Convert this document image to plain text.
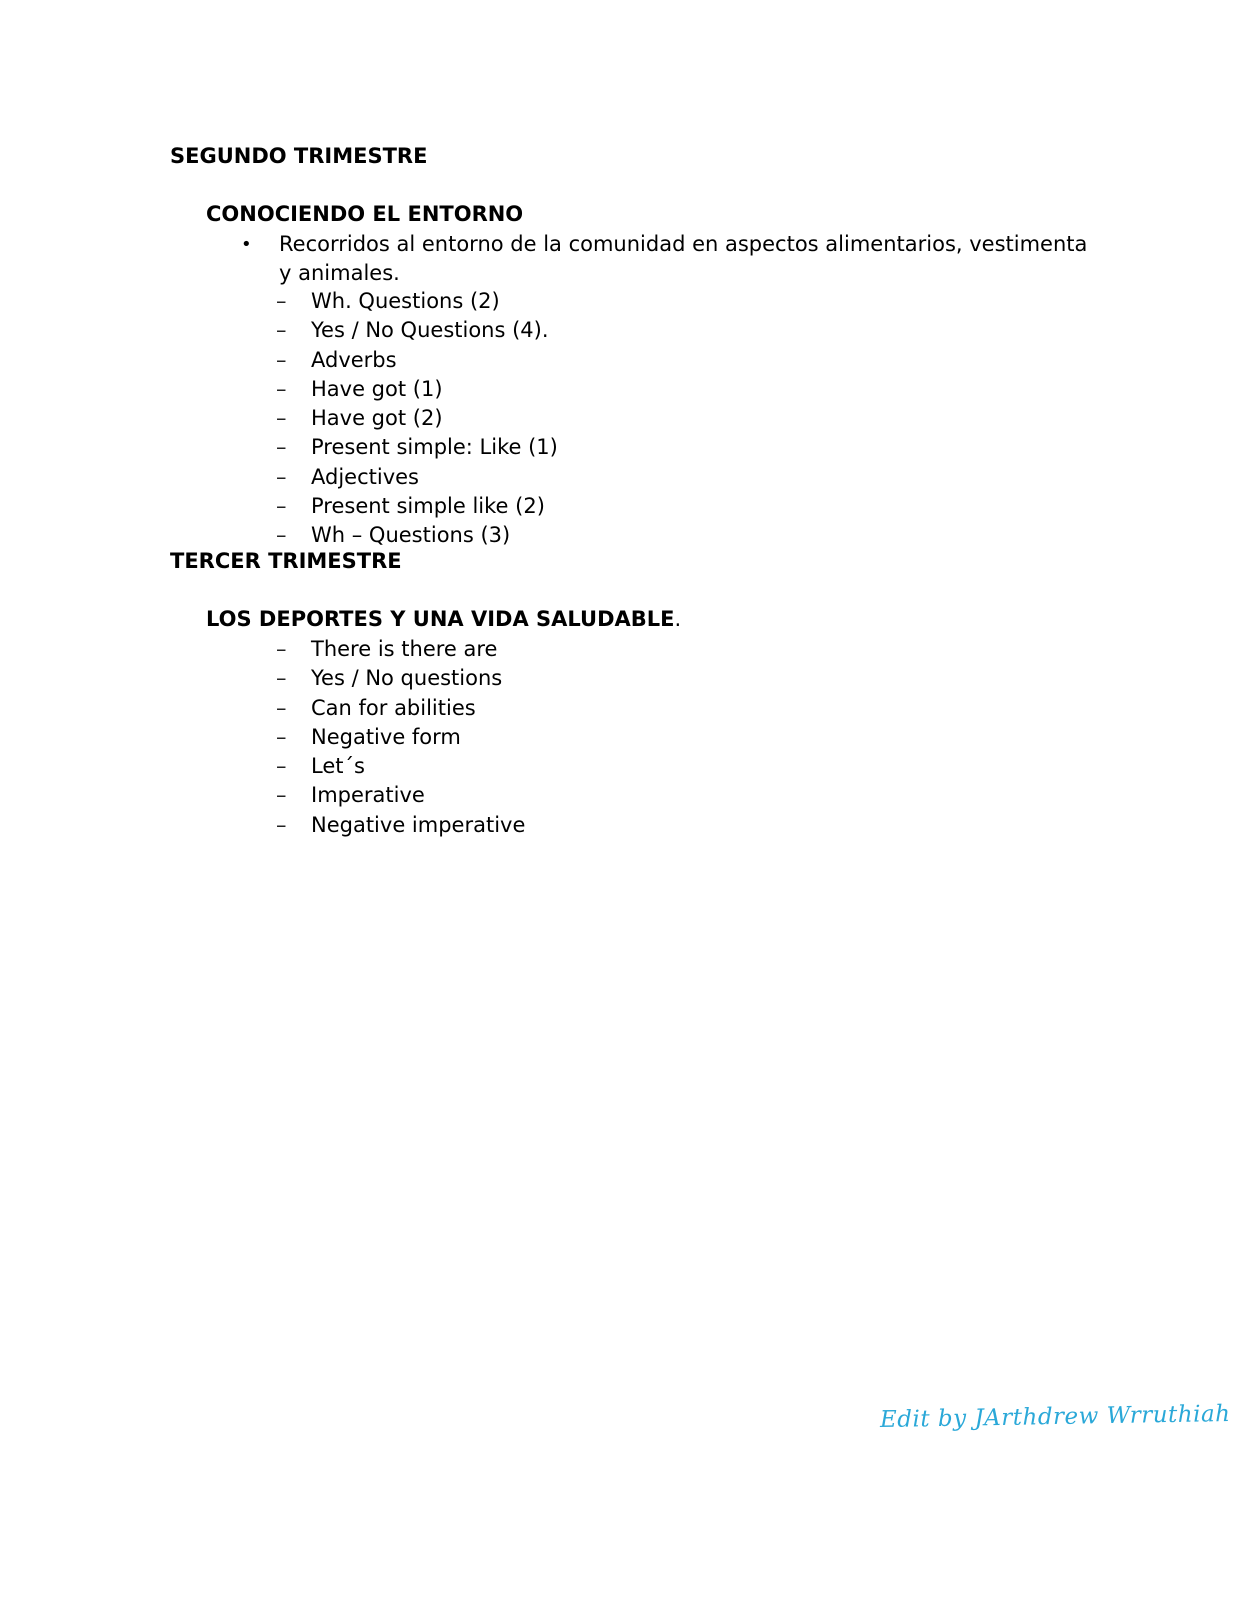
SEGUNDO TRIMESTRE
CONOCIENDO EL ENTORNO
• Recorridos al entorno de la comunidad en aspectos alimentarios, vestimenta y animales.
– Wh. Questions (2)
– Yes / No Questions (4).
– Adverbs
– Have got (1)
– Have got (2)
– Present simple: Like (1)
– Adjectives
– Present simple like (2)
– Wh – Questions (3)
TERCER TRIMESTRE
LOS DEPORTES Y UNA VIDA SALUDABLE.
– There is there are
– Yes / No questions
– Can for abilities
– Negative form
– Let´s
– Imperative
– Negative imperative
Edit by JArthdrew Wrruthiah
